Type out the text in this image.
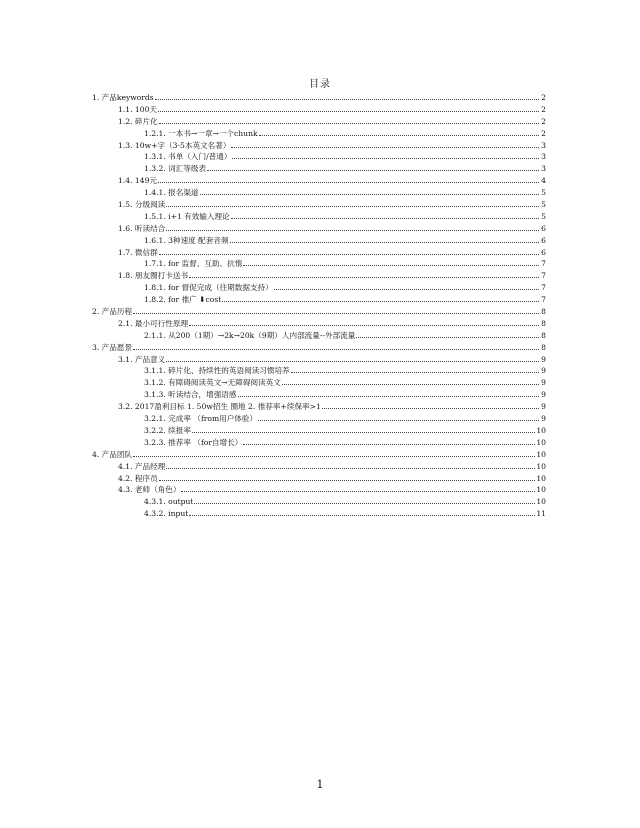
目录
1. 产品keywords	2
1.1. 100天	2
1.2. 碎片化	2
1.2.1. 一本书→一章→一个chunk	2
1.3. 10w+字（3-5本英文名著）	3
1.3.1. 书单（入门/普通）	3
1.3.2. 词汇等级表	3
1.4. 149元	4
1.4.1. 报名渠道	5
1.5. 分级阅读	5
1.5.1. i+1 有效输入理论	5
1.6. 听读结合	6
1.6.1. 3种速度 配套音频	6
1.7. 微信群	6
1.7.1. for 监督、互助、抗惰	7
1.8. 朋友圈打卡送书	7
1.8.1. for 督促完成（往期数据支持）	7
1.8.2. for 推广 ⬇cost	7
2. 产品历程	8
2.1. 最小可行性原理	8
2.1.1. 从200（1期）→2k→20k（9期）人内部流量--外部流量	8
3. 产品愿景	8
3.1. 产品意义	9
3.1.1. 碎片化、持续性的英语阅读习惯培养	9
3.1.2. 有障碍阅读英文→无障碍阅读英文	9
3.1.3. 听读结合，增强语感	9
3.2. 2017盈利目标 1. 50w招生 圈地 2. 推荐率+续保率>1	9
3.2.1. 完成率 （from用户体验）	9
3.2.2. 续报率	10
3.2.3. 推荐率 （for自增长）	10
4. 产品团队	10
4.1. 产品经理	10
4.2. 程序员	10
4.3. 老师（角色）	10
4.3.1. output	10
4.3.2. input	11
1
